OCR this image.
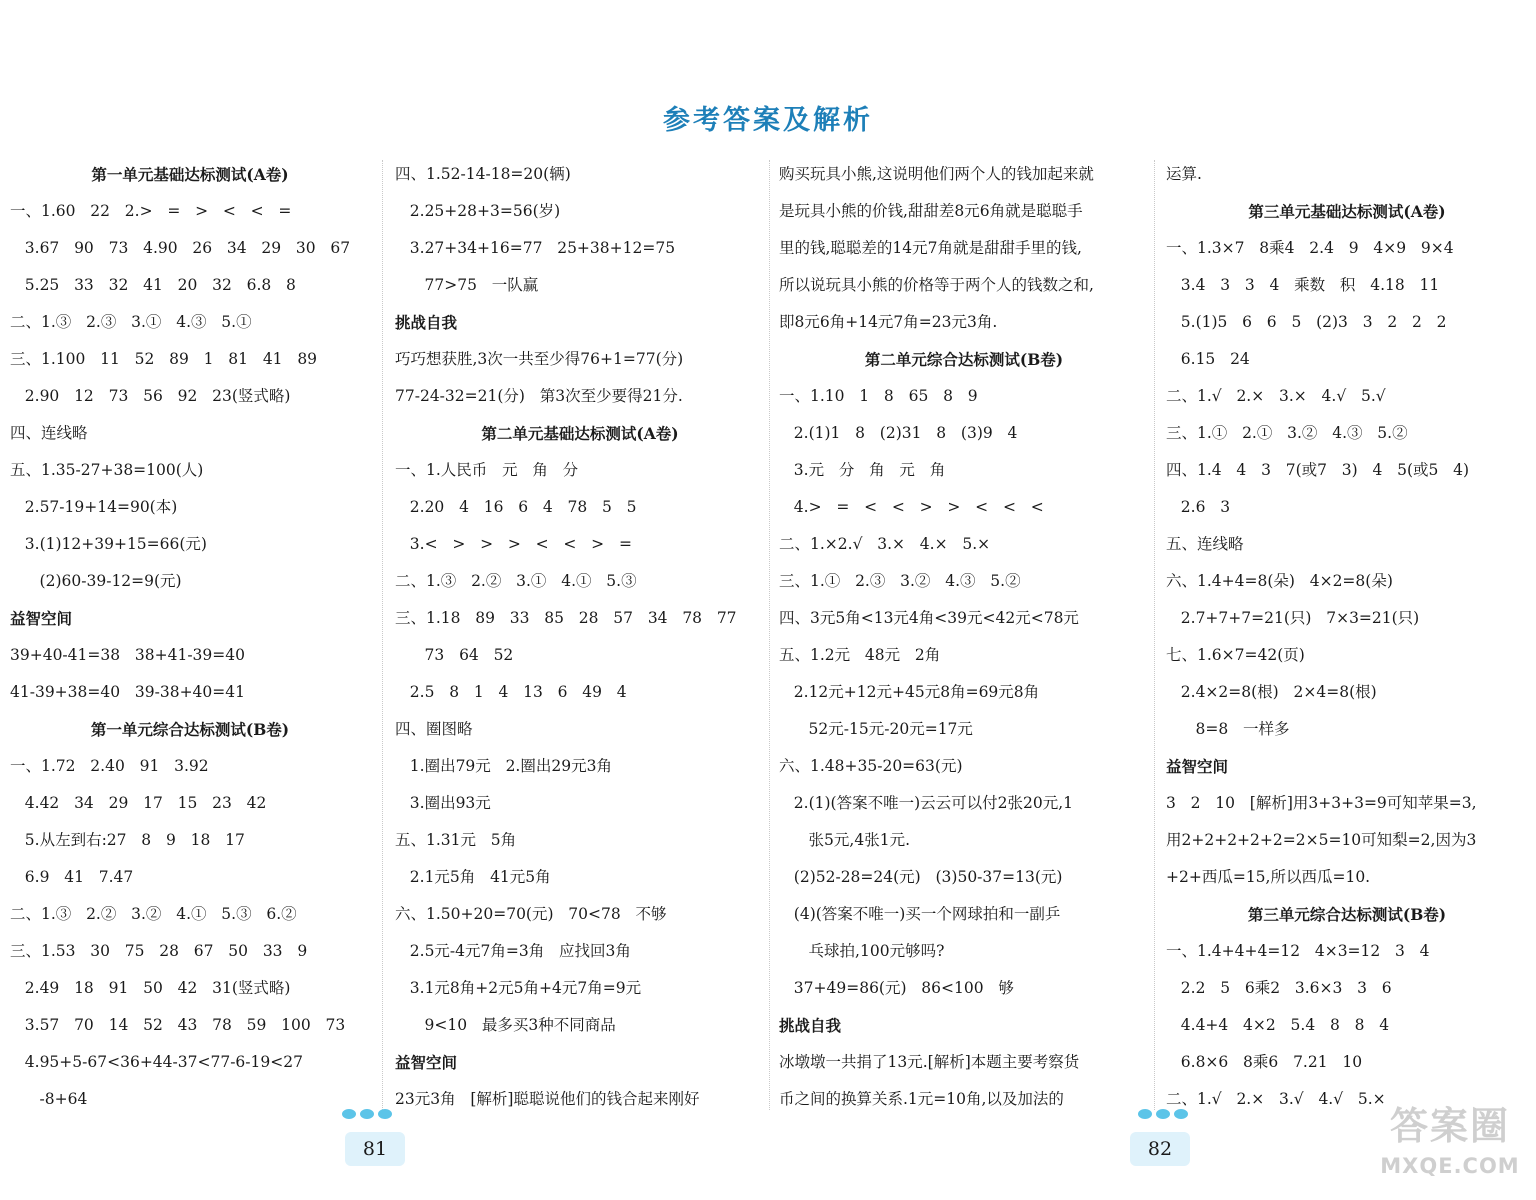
参考答案及解析
第一单元基础达标测试(A卷)
一、1.60   22   2.>   =   >   <   <   =
3.67   90   73   4.90   26   34   29   30   67
5.25   33   32   41   20   32   6.8   8
二、1.③   2.③   3.①   4.③   5.①
三、1.100   11   52   89   1   81   41   89
2.90   12   73   56   92   23(竖式略)
四、连线略
五、1.35-27+38=100(人)
2.57-19+14=90(本)
3.(1)12+39+15=66(元)
(2)60-39-12=9(元)
益智空间
39+40-41=38   38+41-39=40
41-39+38=40   39-38+40=41
第一单元综合达标测试(B卷)
一、1.72   2.40   91   3.92
4.42   34   29   17   15   23   42
5.从左到右:27   8   9   18   17
6.9   41   7.47
二、1.③   2.②   3.②   4.①   5.③   6.②
三、1.53   30   75   28   67   50   33   9
2.49   18   91   50   42   31(竖式略)
3.57   70   14   52   43   78   59   100   73
4.95+5-67<36+44-37<77-6-19<27
-8+64
四、1.52-14-18=20(辆)
2.25+28+3=56(岁)
3.27+34+16=77   25+38+12=75
77>75   一队赢
挑战自我
巧巧想获胜,3次一共至少得76+1=77(分)
77-24-32=21(分)   第3次至少要得21分.
第二单元基础达标测试(A卷)
一、1.人民币   元   角   分
2.20   4   16   6   4   78   5   5
3.<   >   >   >   <   <   >   =
二、1.③   2.②   3.①   4.①   5.③
三、1.18   89   33   85   28   57   34   78   77
73   64   52
2.5   8   1   4   13   6   49   4
四、圈图略
1.圈出79元   2.圈出29元3角
3.圈出93元
五、1.31元   5角
2.1元5角   41元5角
六、1.50+20=70(元)   70<78   不够
2.5元-4元7角=3角   应找回3角
3.1元8角+2元5角+4元7角=9元
9<10   最多买3种不同商品
益智空间
23元3角   [解析]聪聪说他们的钱合起来刚好
购买玩具小熊,这说明他们两个人的钱加起来就
是玩具小熊的价钱,甜甜差8元6角就是聪聪手
里的钱,聪聪差的14元7角就是甜甜手里的钱,
所以说玩具小熊的价格等于两个人的钱数之和,
即8元6角+14元7角=23元3角.
第二单元综合达标测试(B卷)
一、1.10   1   8   65   8   9
2.(1)1   8   (2)31   8   (3)9   4
3.元   分   角   元   角
4.>   =   <   <   >   >   <   <   <
二、1.×2.√   3.×   4.×   5.×
三、1.①   2.③   3.②   4.③   5.②
四、3元5角<13元4角<39元<42元<78元
五、1.2元   48元   2角
2.12元+12元+45元8角=69元8角
52元-15元-20元=17元
六、1.48+35-20=63(元)
2.(1)(答案不唯一)云云可以付2张20元,1
张5元,4张1元.
(2)52-28=24(元)   (3)50-37=13(元)
(4)(答案不唯一)买一个网球拍和一副乒
乓球拍,100元够吗?
37+49=86(元)   86<100   够
挑战自我
冰墩墩一共捐了13元.[解析]本题主要考察货
币之间的换算关系.1元=10角,以及加法的
运算.
第三单元基础达标测试(A卷)
一、1.3×7   8乘4   2.4   9   4×9   9×4
3.4   3   3   4   乘数   积   4.18   11
5.(1)5   6   6   5   (2)3   3   2   2   2
6.15   24
二、1.√   2.×   3.×   4.√   5.√
三、1.①   2.①   3.②   4.③   5.②
四、1.4   4   3   7(或7   3)   4   5(或5   4)
2.6   3
五、连线略
六、1.4+4=8(朵)   4×2=8(朵)
2.7+7+7=21(只)   7×3=21(只)
七、1.6×7=42(页)
2.4×2=8(根)   2×4=8(根)
8=8   一样多
益智空间
3   2   10   [解析]用3+3+3=9可知苹果=3,
用2+2+2+2+2=2×5=10可知梨=2,因为3
+2+西瓜=15,所以西瓜=10.
第三单元综合达标测试(B卷)
一、1.4+4+4=12   4×3=12   3   4
2.2   5   6乘2   3.6×3   3   6
4.4+4   4×2   5.4   8   8   4
6.8×6   8乘6   7.21   10
二、1.√   2.×   3.√   4.√   5.×
81	82
答案圈
MXQE.COM
